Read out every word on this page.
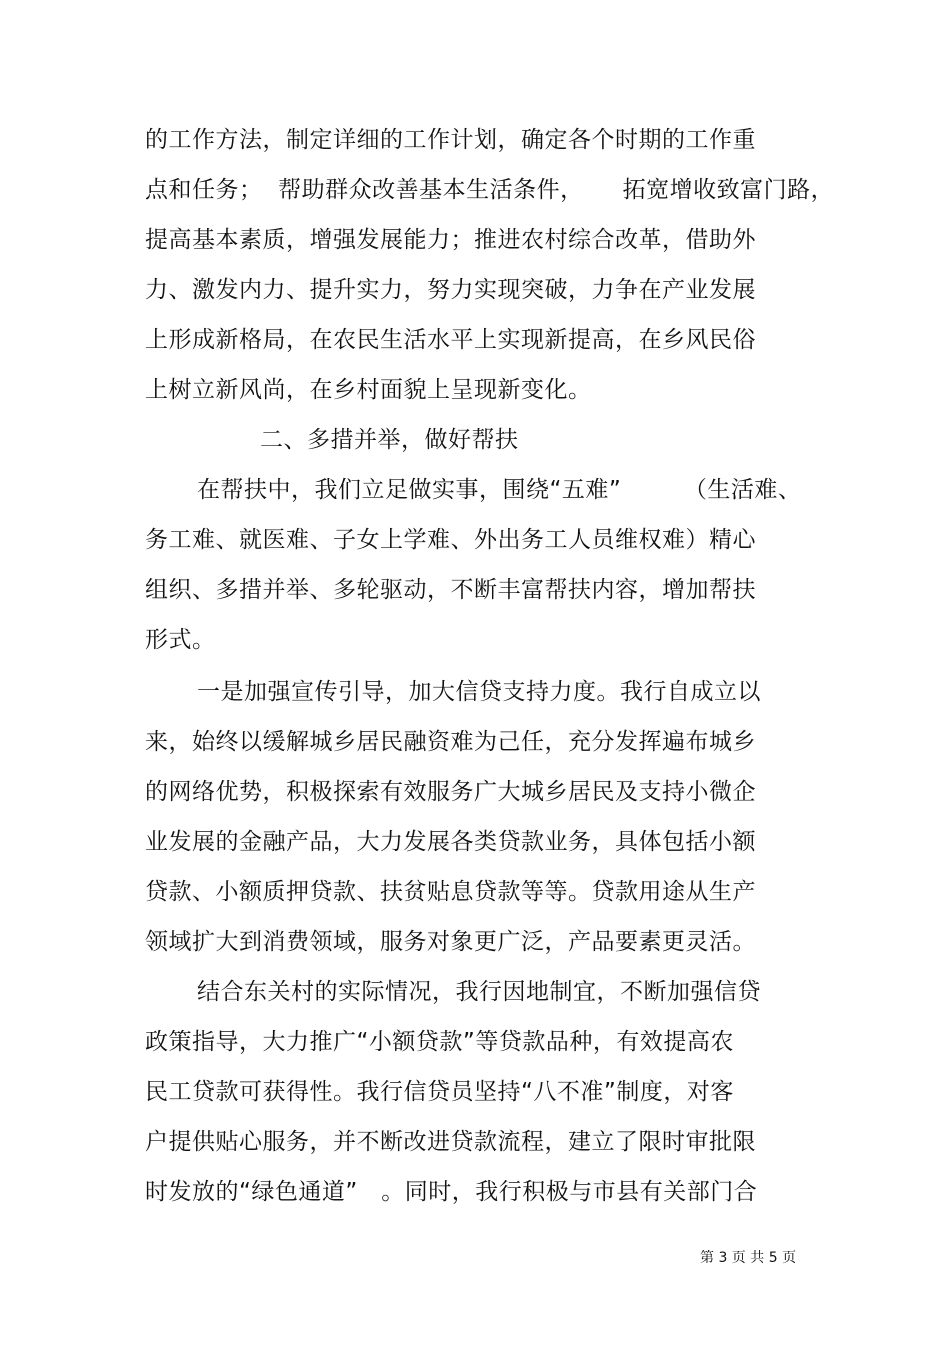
的工作方法，制定详细的工作计划，确定各个时期的工作重
点和任务；  帮助群众改善基本生活条件，     拓宽增收致富门路，
提高基本素质，增强发展能力；推进农村综合改革，借助外
力、激发内力、提升实力，努力实现突破，力争在产业发展
上形成新格局，在农民生活水平上实现新提高，在乡风民俗
上树立新风尚，在乡村面貌上呈现新变化。
二、多措并举，做好帮扶
在帮扶中，我们立足做实事，围绕“五难”        （生活难、
务工难、就医难、子女上学难、外出务工人员维权难）精心
组织、多措并举、多轮驱动，不断丰富帮扶内容，增加帮扶
形式。
一是加强宣传引导，加大信贷支持力度。我行自成立以
来，始终以缓解城乡居民融资难为己任，充分发挥遍布城乡
的网络优势，积极探索有效服务广大城乡居民及支持小微企
业发展的金融产品，大力发展各类贷款业务，具体包括小额
贷款、小额质押贷款、扶贫贴息贷款等等。贷款用途从生产
领域扩大到消费领域，服务对象更广泛，产品要素更灵活。
结合东关村的实际情况，我行因地制宜，不断加强信贷
政策指导，大力推广“小额贷款”等贷款品种，有效提高农
民工贷款可获得性。我行信贷员坚持“八不准”制度，对客
户提供贴心服务，并不断改进贷款流程，建立了限时审批限
时发放的“绿色通道”   。同时，我行积极与市县有关部门合
第 3 页 共 5 页
